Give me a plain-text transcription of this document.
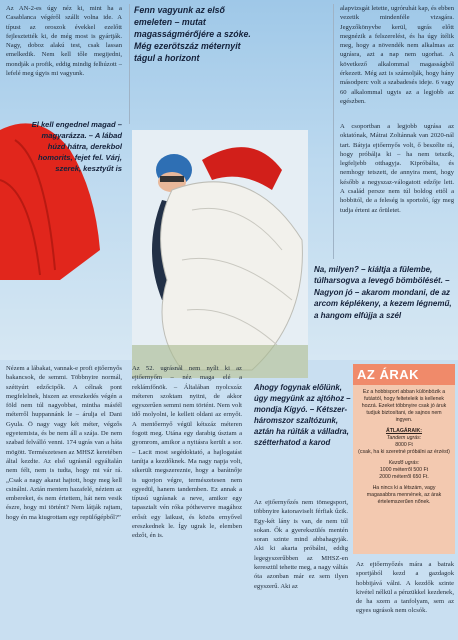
Az AN-2-es úgy néz ki, mint ha a Casablanca végéről szállt volna ide. A típust az oroszok évekkel ezelőtt fejlesztették ki, de még most is gyártják. Nagy, doboz alakú test, csak lassan emelkedik. Nem kell tőle megijedni, mondják a profik, eddig mindig felhúzott – lefelé meg úgyis mi vagyunk.
Fenn vagyunk az első emeleten – mutat magasságmérőjére a szóke. Még ezerötszáz méternyit tágul a horizont
alapvizsgát letette, ugróruhát kap, és ebben vezetik mindenféle vizsgára. Jegyzőkönyvbe kerül, ugrás előtt megnézik a felszerelést, és ha úgy ítélik meg, hogy a növendék nem alkalmas az ugrásra, azt a nap nem ugorhat. A következő alkalommal magasságból érkezett. Még azt is számolják, hogy hány másodperc volt a szabadesés ideje. 6 vagy 60 alkalommal ugyis az a legjobb az egészben.
A csoportban a legjobb ugrása az oktatónak, Mátrai Zoltánnak van 2020-nál tart. Bátyja ejtőernyős volt, ő beszélte rá, hogy próbálja ki – ha nem tetszik, legfeljebb otthagyja. Kipróbálta, és nemhogy tetszett, de annyira ment, hogy később a negyszaz-válogatott edzője lett. A család persze nem túl boldog ettől a hobbitól, de a feleség is sportoló, így meg tudja érteni az őrületet.
El kell engednel magad – magyarázza. – A lábad húzd hátra, derekbol homorits, fejet fel. Várj, szerek, kesztyűt is
Na, milyen? – kiáltja a fülembe, túlharsogva a levegő bömbölését. – Nagyon jó – akarom mondani, de az arcom képlékeny, a kezem légnemű, a hangom elfújja a szél
Nézem a lábakat, vannak-e profi ejtőernyős bakancsok, de semmi. Többnyire normál, széttyúrt edzőcipők. A célnak pont megfelelnek, hiszen az ereszkedés végén a föld nem túl nagyobbat, mintha másfél méterről huppannánk le – árulja el Dani Gyula. Ö nagy vagy két méter, végzős egyetemista, és be nem áll a szája. De nem szabad felválló venni. 174 ugrás van a háta mögött. Természetesen az MHSZ keretében által kezdte. Az első ugrásnál egyáltalán nem félt, nem is tudta, hogy mi vár rá. „Csak a nagy akarat hajtott, hogy meg kell csinálni. Aztán mentem hazafelé, néztem az embereket, és nem értettem, hát nem vesik észre, hogy mi történt? Nem látják rajtam, hogy én ma kiugrottam egy repülőgépből?”
Az 52. ugrásnál nem nyílt ki az ejtőernyőm – néz maga elé a reklámfőnök. – Általában nyolcszáz méteren szoktam nyitni, de akkor egyszerűen semmi nem történt. Nem volt idő molyolni, le kellett oldani az ernyőt. A mentőernyő végül kétszáz méteren fogott meg. Utána egy darabig úsztam a gyomrom, amikor a nyitásra került a sor. – Lacit most segédoktató, a hajlogatást tanítja a kezdőknek. Ma nagy napja volt, sikerült megszereznie, hogy a barátnője is ugorjon végre, természetesen nem egyedül, hanem tandemben. Ez annak a típusú ugrásnak a neve, amikor egy tapasztalt vén róka pótheverve magához erősít egy laikust, és közös ernyővel ereszkednek le. Így ugrak le, elemben edzőt, én is.
Ahogy fogynak előlünk, úgy megyünk az ajtóhoz – mondja Kígyó. – Kétszer-háromszor szaltózunk, aztán ha rúiták a válladra, szétterhatod a karod
Az ejtőernyőzés nem tömegsport, többnyire katonaviselt férfiak űzik. Egy-két lány is van, de nem túl sokan. Ők a gyerekszülés mentén soran szinte mind abbahagyják. Aki ki akarta próbálni, eddig legegyszerűbben az MHSZ-en keresztül tehette meg, a nagy váltás óta azonban már ez sem ilyen egyszerű. Aki az
Az ejtőernyőzés mára a batrak sportjából kezd a gazdagok hobbijává válni. A kezdők szinte kivétel nélkül a pénzükkel kezdenek, de ha szem a tanfolyam, sem az egyes ugrások nem olcsók.
AZ ÁRAK
Ez a hobbisport abban különbözik a futástól, hogy felteteleik is kellenek hozzá. Ezeket többnyire csak jó áruk tudjuk biztosítani, de sajnos nem ingyen.
ÁTLAGÁRAIK:
Tandem ugrás:
8000 Ft
(csak, ha ki szeretné próbálni az érzést)
Kezdő ugrás:
1000 méterről 500 Ft
2000 méterről 650 Ft.
Ha nincs ki a létszám, vagy magasabbra mennének, az árak értelemszerűen nőnek.
